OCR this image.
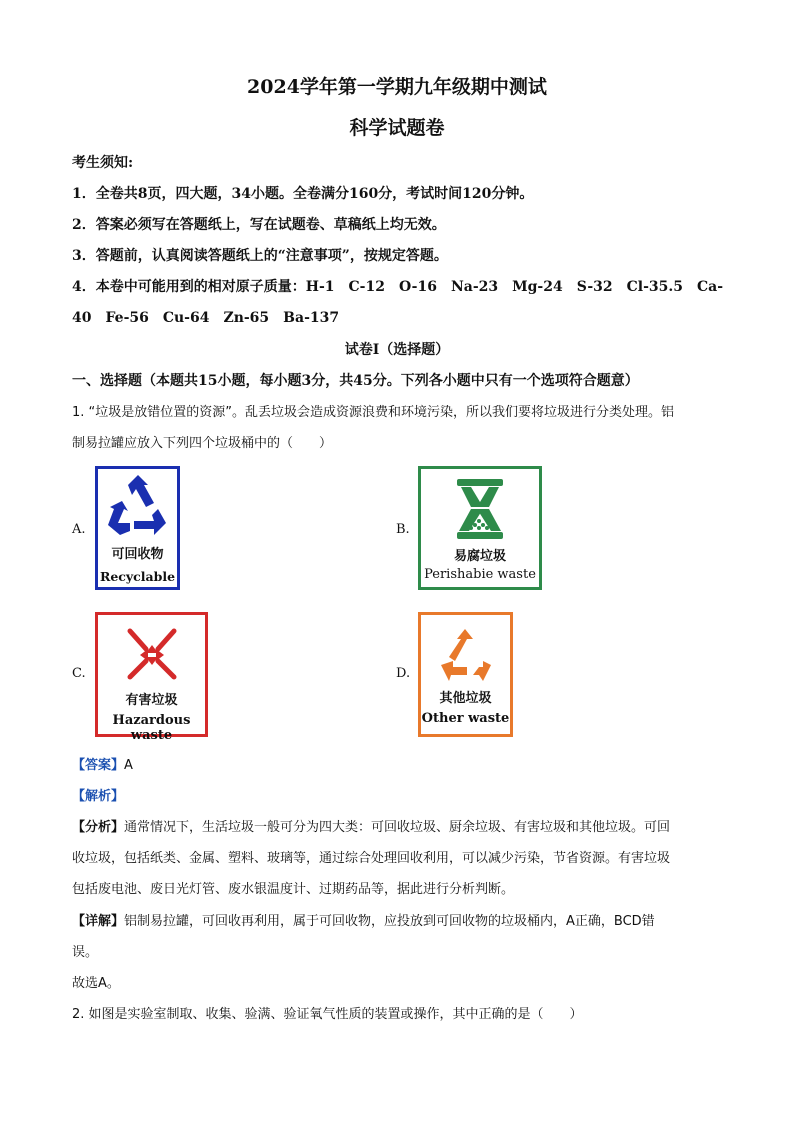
2024学年第一学期九年级期中测试
科学试题卷
考生须知:
1．全卷共8页，四大题，34小题。全卷满分160分，考试时间120分钟。
2．答案必须写在答题纸上，写在试题卷、草稿纸上均无效。
3．答题前，认真阅读答题纸上的“注意事项”，按规定答题。
4．本卷中可能用到的相对原子质量：H-1　C-12　O-16　Na-23　Mg-24　S-32　Cl-35.5　Ca-
40　Fe-56　Cu-64　Zn-65　Ba-137
试卷Ⅰ（选择题）
一、选择题（本题共15小题，每小题3分，共45分。下列各小题中只有一个选项符合题意）
1. “垃圾是放错位置的资源”。乱丢垃圾会造成资源浪费和环境污染，所以我们要将垃圾进行分类处理。铝
制易拉罐应放入下列四个垃圾桶中的（　　）
A.
可回收物
Recyclable
B.
易腐垃圾
Perishabie waste
C.
有害垃圾
Hazardous waste
D.
其他垃圾
Other waste
【答案】A
【解析】
【分析】通常情况下，生活垃圾一般可分为四大类：可回收垃圾、厨余垃圾、有害垃圾和其他垃圾。可回
收垃圾，包括纸类、金属、塑料、玻璃等，通过综合处理回收利用，可以减少污染，节省资源。有害垃圾
包括废电池、废日光灯管、废水银温度计、过期药品等，据此进行分析判断。
【详解】铝制易拉罐，可回收再利用，属于可回收物，应投放到可回收物的垃圾桶内，A正确，BCD错
误。
故选A。
2. 如图是实验室制取、收集、验满、验证氧气性质的装置或操作，其中正确的是（　　）
